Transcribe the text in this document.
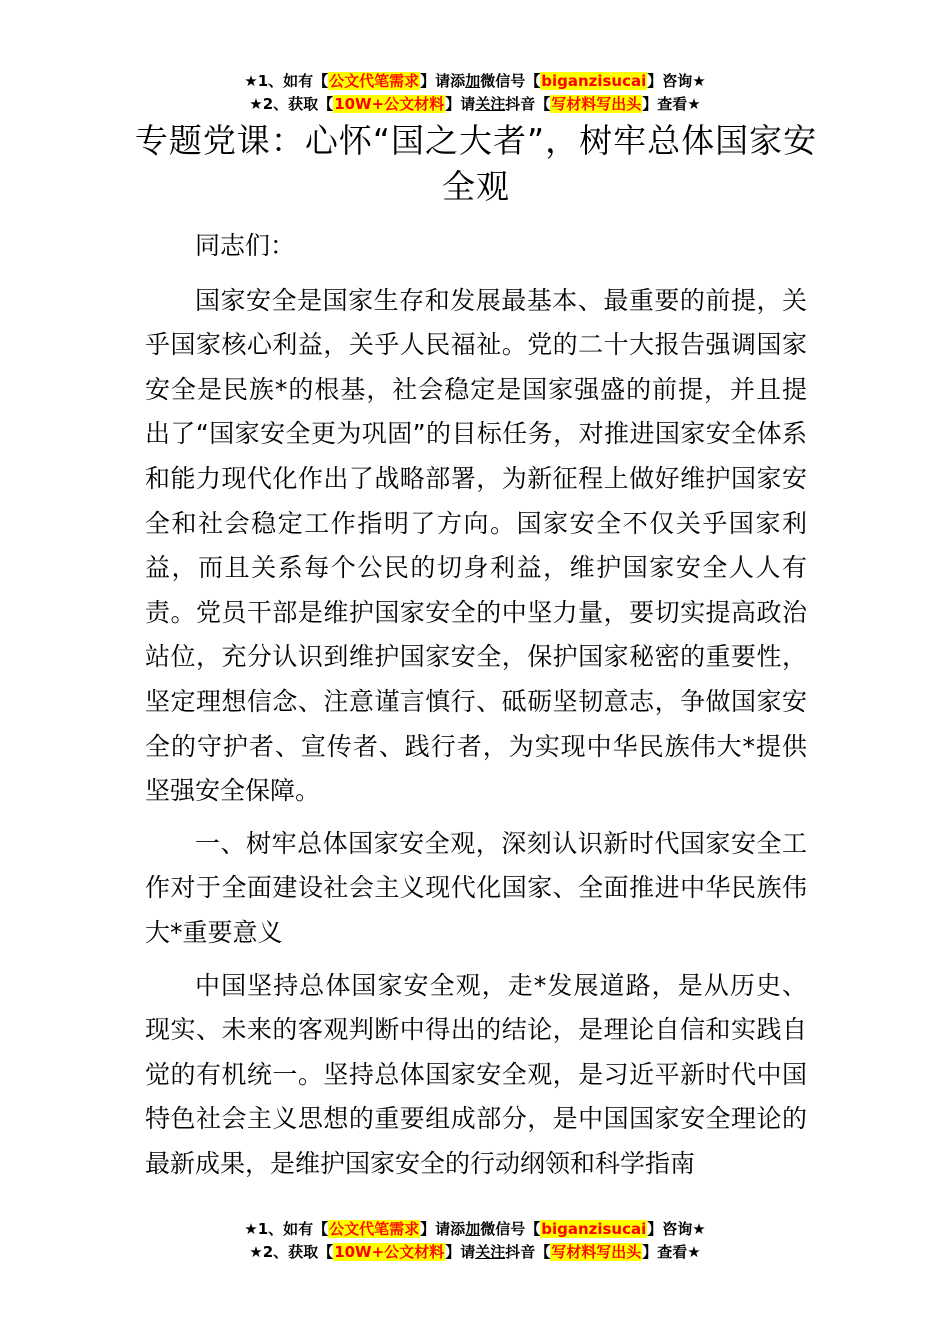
★1、如有【公文代笔需求】请添加微信号【biganzisucai】咨询★
★2、获取【10W+公文材料】请关注抖音【写材料写出头】查看★
专题党课：心怀“国之大者”，树牢总体国家安全观

同志们：

国家安全是国家生存和发展最基本、最重要的前提，关乎国家核心利益，关乎人民福祉。党的二十大报告强调国家安全是民族*的根基，社会稳定是国家强盛的前提，并且提出了“国家安全更为巩固”的目标任务，对推进国家安全体系和能力现代化作出了战略部署，为新征程上做好维护国家安全和社会稳定工作指明了方向。国家安全不仅关乎国家利益，而且关系每个公民的切身利益，维护国家安全人人有责。党员干部是维护国家安全的中坚力量，要切实提高政治站位，充分认识到维护国家安全，保护国家秘密的重要性，坚定理想信念、注意谨言慎行、砥砺坚韧意志，争做国家安全的守护者、宣传者、践行者，为实现中华民族伟大*提供坚强安全保障。

一、树牢总体国家安全观，深刻认识新时代国家安全工作对于全面建设社会主义现代化国家、全面推进中华民族伟大*重要意义

中国坚持总体国家安全观，走*发展道路，是从历史、现实、未来的客观判断中得出的结论，是理论自信和实践自觉的有机统一。坚持总体国家安全观，是习近平新时代中国特色社会主义思想的重要组成部分，是中国国家安全理论的最新成果，是维护国家安全的行动纲领和科学指南

★1、如有【公文代笔需求】请添加微信号【biganzisucai】咨询★
★2、获取【10W+公文材料】请关注抖音【写材料写出头】查看★
